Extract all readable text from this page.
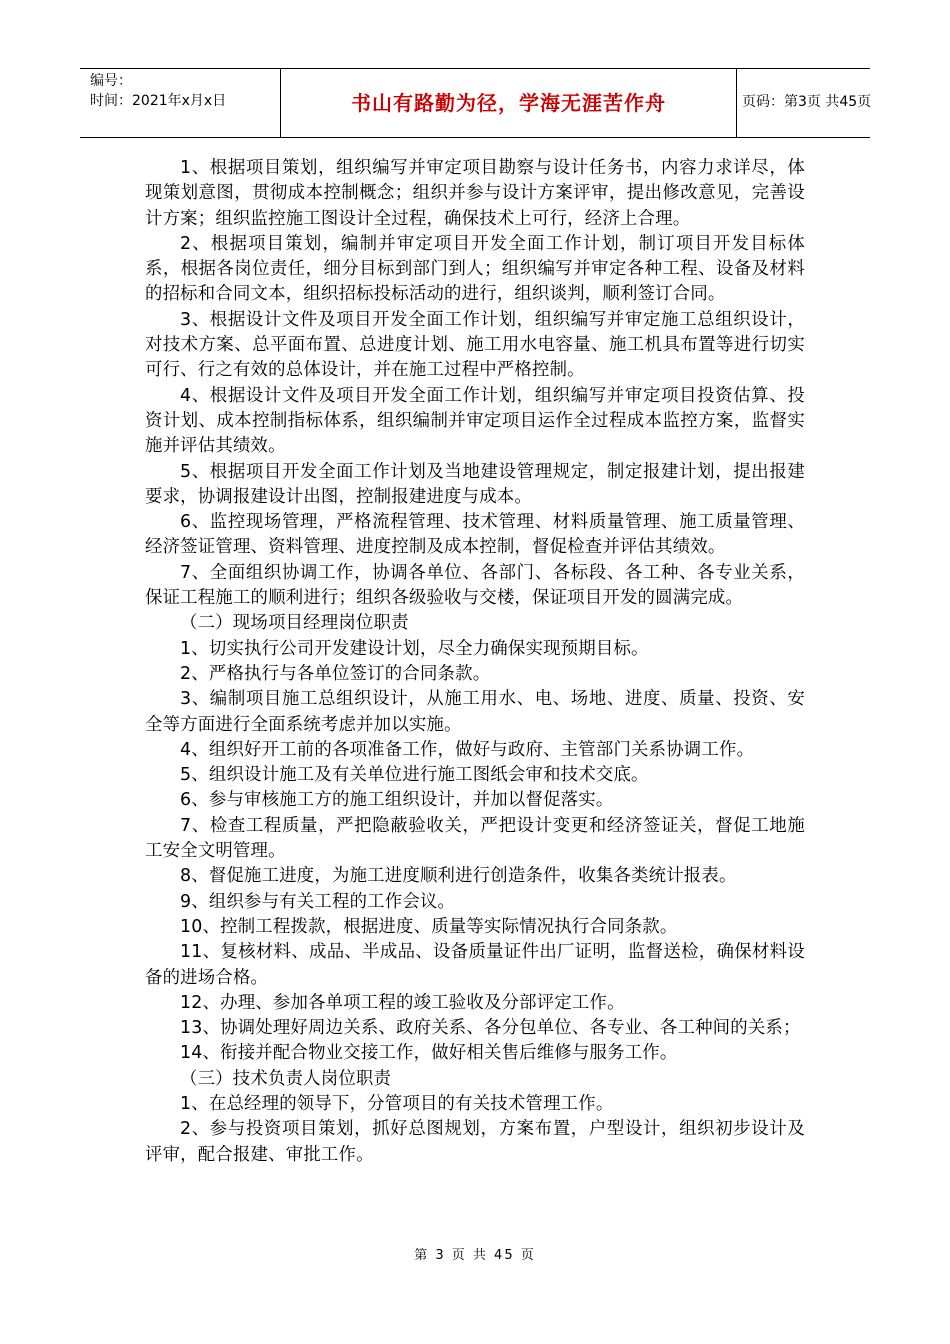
编号：
时间：2021年x月x日	书山有路勤为径，学海无涯苦作舟	页码：第3页 共45页

1、根据项目策划，组织编写并审定项目勘察与设计任务书，内容力求详尽，体现策划意图，贯彻成本控制概念；组织并参与设计方案评审，提出修改意见，完善设计方案；组织监控施工图设计全过程，确保技术上可行，经济上合理。

2、根据项目策划，编制并审定项目开发全面工作计划，制订项目开发目标体系，根据各岗位责任，细分目标到部门到人；组织编写并审定各种工程、设备及材料的招标和合同文本，组织招标投标活动的进行，组织谈判，顺利签订合同。

3、根据设计文件及项目开发全面工作计划，组织编写并审定施工总组织设计，对技术方案、总平面布置、总进度计划、施工用水电容量、施工机具布置等进行切实可行、行之有效的总体设计，并在施工过程中严格控制。

4、根据设计文件及项目开发全面工作计划，组织编写并审定项目投资估算、投资计划、成本控制指标体系，组织编制并审定项目运作全过程成本监控方案，监督实施并评估其绩效。

5、根据项目开发全面工作计划及当地建设管理规定，制定报建计划，提出报建要求，协调报建设计出图，控制报建进度与成本。

6、监控现场管理，严格流程管理、技术管理、材料质量管理、施工质量管理、经济签证管理、资料管理、进度控制及成本控制，督促检查并评估其绩效。

7、全面组织协调工作，协调各单位、各部门、各标段、各工种、各专业关系，保证工程施工的顺利进行；组织各级验收与交楼，保证项目开发的圆满完成。

（二）现场项目经理岗位职责

1、切实执行公司开发建设计划，尽全力确保实现预期目标。

2、严格执行与各单位签订的合同条款。

3、编制项目施工总组织设计，从施工用水、电、场地、进度、质量、投资、安全等方面进行全面系统考虑并加以实施。

4、组织好开工前的各项准备工作，做好与政府、主管部门关系协调工作。

5、组织设计施工及有关单位进行施工图纸会审和技术交底。

6、参与审核施工方的施工组织设计，并加以督促落实。

7、检查工程质量，严把隐蔽验收关，严把设计变更和经济签证关，督促工地施工安全文明管理。

8、督促施工进度，为施工进度顺利进行创造条件，收集各类统计报表。

9、组织参与有关工程的工作会议。

10、控制工程拨款，根据进度、质量等实际情况执行合同条款。

11、复核材料、成品、半成品、设备质量证件出厂证明，监督送检，确保材料设备的进场合格。

12、办理、参加各单项工程的竣工验收及分部评定工作。

13、协调处理好周边关系、政府关系、各分包单位、各专业、各工种间的关系；

14、衔接并配合物业交接工作，做好相关售后维修与服务工作。

（三）技术负责人岗位职责

1、在总经理的领导下，分管项目的有关技术管理工作。

2、参与投资项目策划，抓好总图规划，方案布置，户型设计，组织初步设计及评审，配合报建、审批工作。

第 3 页 共 45 页
